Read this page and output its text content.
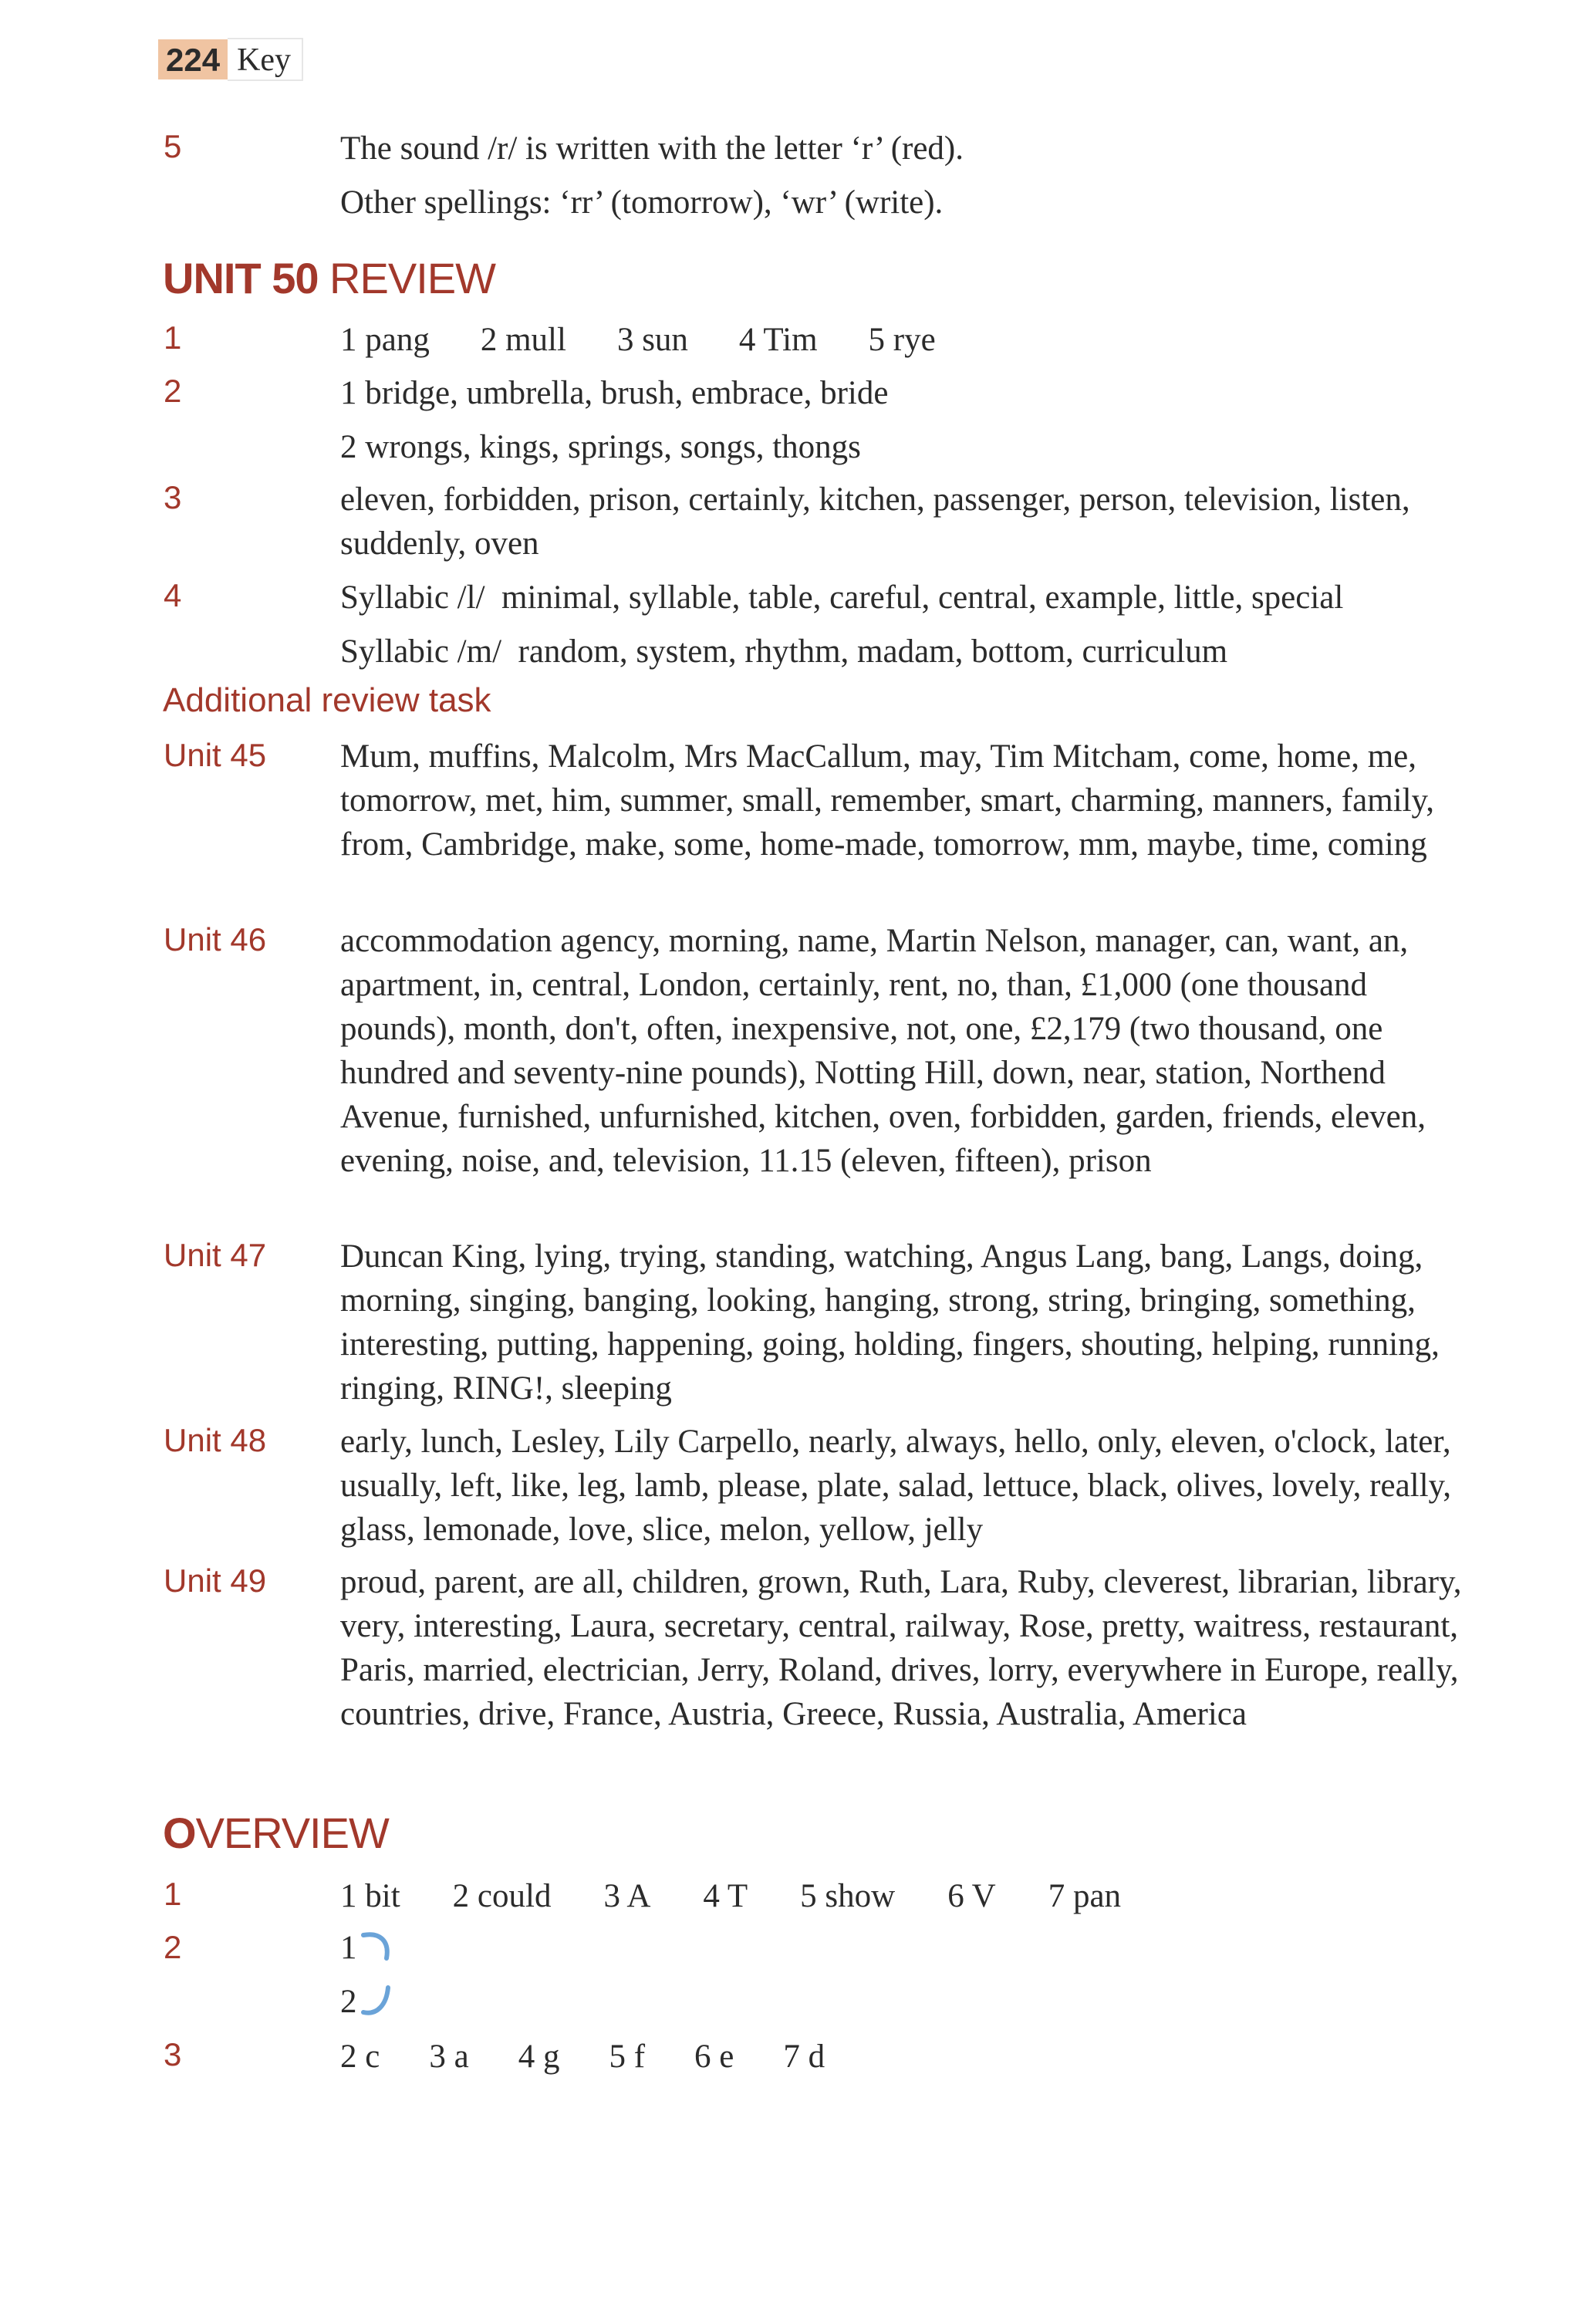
224 Key
5	The sound /r/ is written with the letter ‘r’ (red).
Other spellings: ‘rr’ (tomorrow), ‘wr’ (write).
UNIT 50 REVIEW
1	1 pang 2 mull 3 sun 4 Tim 5 rye
2	1 bridge, umbrella, brush, embrace, bride
2 wrongs, kings, springs, songs, thongs
3	eleven, forbidden, prison, certainly, kitchen, passenger, person, television, listen, suddenly, oven
4	Syllabic /l/ minimal, syllable, table, careful, central, example, little, special
Syllabic /m/ random, system, rhythm, madam, bottom, curriculum
Additional review task
Unit 45 Mum, muffins, Malcolm, Mrs MacCallum, may, Tim Mitcham, come, home, me, tomorrow, met, him, summer, small, remember, smart, charming, manners, family, from, Cambridge, make, some, home-made, tomorrow, mm, maybe, time, coming
Unit 46 accommodation agency, morning, name, Martin Nelson, manager, can, want, an, apartment, in, central, London, certainly, rent, no, than, £1,000 (one thousand pounds), month, don't, often, inexpensive, not, one, £2,179 (two thousand, one hundred and seventy-nine pounds), Notting Hill, down, near, station, Northend Avenue, furnished, unfurnished, kitchen, oven, forbidden, garden, friends, eleven, evening, noise, and, television, 11.15 (eleven, fifteen), prison
Unit 47 Duncan King, lying, trying, standing, watching, Angus Lang, bang, Langs, doing, morning, singing, banging, looking, hanging, strong, string, bringing, something, interesting, putting, happening, going, holding, fingers, shouting, helping, running, ringing, RING!, sleeping
Unit 48 early, lunch, Lesley, Lily Carpello, nearly, always, hello, only, eleven, o'clock, later, usually, left, like, leg, lamb, please, plate, salad, lettuce, black, olives, lovely, really, glass, lemonade, love, slice, melon, yellow, jelly
Unit 49 proud, parent, are all, children, grown, Ruth, Lara, Ruby, cleverest, librarian, library, very, interesting, Laura, secretary, central, railway, Rose, pretty, waitress, restaurant, Paris, married, electrician, Jerry, Roland, drives, lorry, everywhere in Europe, really, countries, drive, France, Austria, Greece, Russia, Australia, America
OVERVIEW
1	1 bit 2 could 3 A 4 T 5 show 6 V 7 pan
2	1
2
3	2 c 3 a 4 g 5 f 6 e 7 d
